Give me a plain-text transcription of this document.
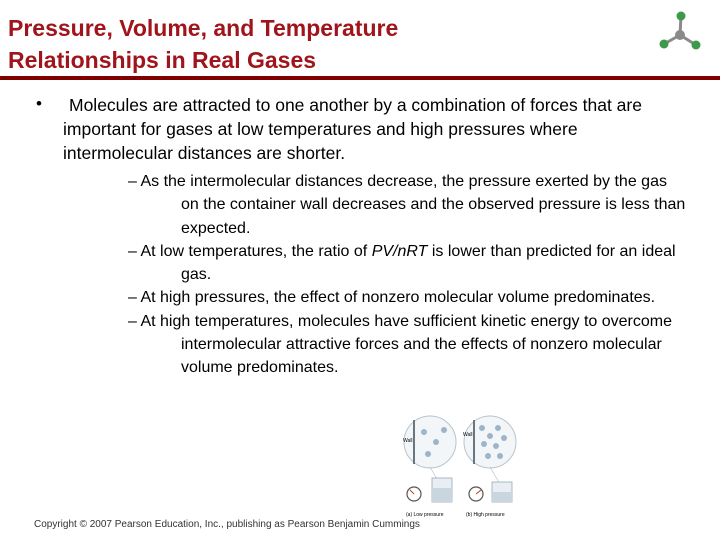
Pressure, Volume, and Temperature
Relationships in Real Gases
•	Molecules are attracted to one another by a combination of forces that are important for gases at low temperatures and high pressures where intermolecular distances are shorter.
– As the intermolecular distances decrease, the pressure exerted by the gas on the container wall decreases and the observed pressure is less than expected.
– At low temperatures, the ratio of PV/nRT is lower than predicted for an ideal gas.
– At high pressures, the effect of nonzero molecular volume predominates.
– At high temperatures, molecules have sufficient kinetic energy to overcome intermolecular attractive forces and the effects of nonzero molecular volume predominates.
Wall
(a) Low pressure
Wall
(b) High pressure
Copyright © 2007 Pearson Education, Inc., publishing as Pearson Benjamin Cummings
